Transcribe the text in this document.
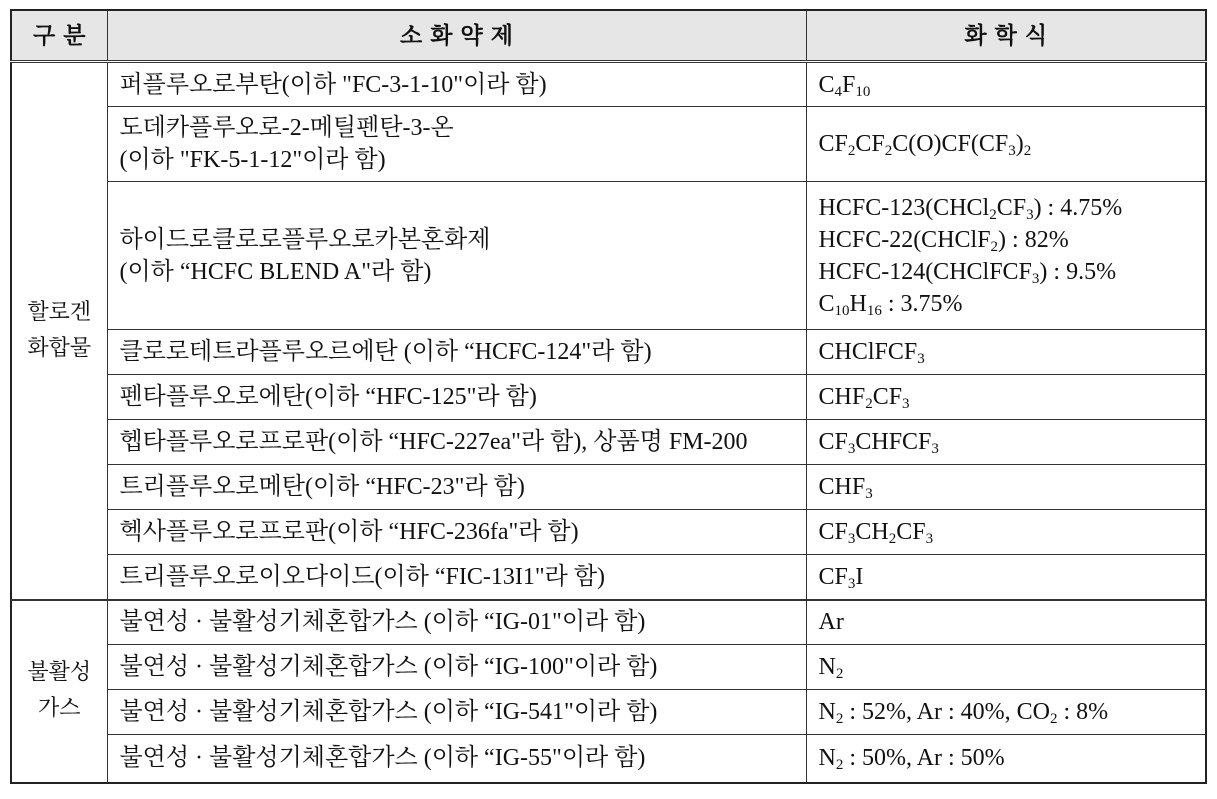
구 분	소 화 약 제	화 학 식

할로겐
화합물	퍼플루오로부탄(이하 "FC-3-1-10"이라 함)	$C_4F_{10}$

	도데카플루오로-2-메틸펜탄-3-온
(이하 "FK-5-1-12"이라 함)	$CF_2CF_2C(O)CF(CF_3)_2$

	하이드로클로로플루오로카본혼화제
(이하 “HCFC BLEND A"라 함)	HCFC-$123(CHCl_2CF_3)$ : 4.75%
HCFC-22(CHClF$_2$) : 82%
HCFC-124(CHClFCF$_3$) : 9.5%
$C_{10}H_{16}$ : 3.75%

	클로로테트라플루오르에탄 (이하 “HCFC-124"라 함)	CHClFCF$_3$

	펜타플루오로에탄(이하 “HFC-125"라 함)	$CHF_2CF_3$

	헵타플루오로프로판(이하 “HFC-227ea"라 함), 상품명 FM-200	$CF_3CHFCF_3$

	트리플루오로메탄(이하 “HFC-23"라 함)	$CHF_3$

	헥사플루오로프로판(이하 “HFC-236fa"라 함)	$CF_3CH_2CF_3$

	트리플루오로이오다이드(이하 “FIC-13I1"라 함)	$CF_3I$

불활성
가스	불연성 · 불활성기체혼합가스 (이하 “IG-01"이라 함)	Ar

	불연성 · 불활성기체혼합가스 (이하 “IG-100"이라 함)	$N_2$

	불연성 · 불활성기체혼합가스 (이하 “IG-541"이라 함)	$N_2$ : 52%, Ar : 40%, $CO_2$ : 8%

	불연성 · 불활성기체혼합가스 (이하 “IG-55"이라 함)	$N_2$ : 50%, Ar : 50%
